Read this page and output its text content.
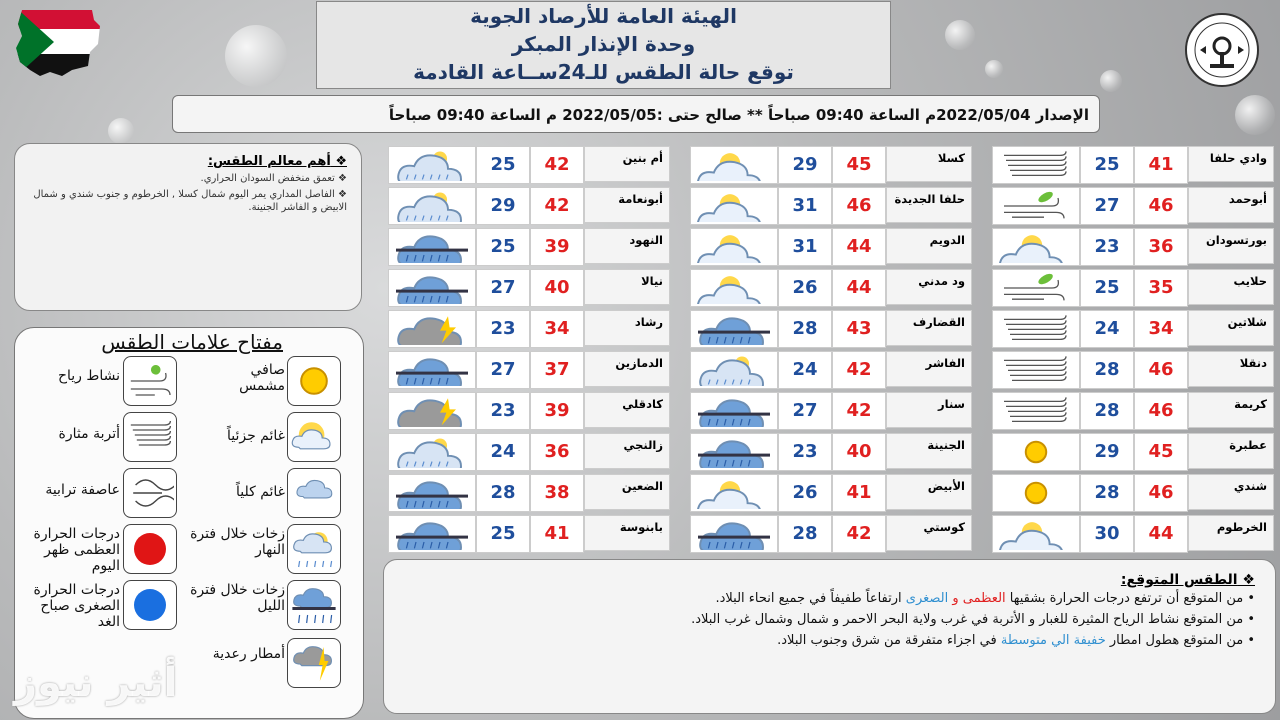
الهيئة العامة للأرصاد الجوية
وحدة الإنذار المبكر
توقع حالة الطقس للـ24ســاعة القادمة
الإصدار 2022/05/04م الساعة 09:40 صباحاً ** صالح حتى :2022/05/05 م الساعة 09:40 صباحاً
❖ أهم معالم الطقس:
❖ تعمق منخفض السودان الحراري.
❖ الفاصل المداري يمر اليوم شمال كسلا , الخرطوم و جنوب شندي و شمال الابيض و الفاشر الجنينة.
مفتاح علامات الطقس
صافي مشمس
نشاط رياح
غائم جزئياً
أتربة مثارة
غائم كلياً
عاصفة ترابية
زخات خلال فترة النهار
درجات الحرارة العظمى ظهر اليوم
زخات خلال فترة الليل
درجات الحرارة الصغرى صباح الغد
أمطار رعدية
25	41	وادي حلفا
27	46	أبوحمد
23	36	بورتسودان
25	35	حلايب
24	34	شلاتين
28	46	دنقلا
28	46	كريمة
29	45	عطبرة
28	46	شندي
30	44	الخرطوم
29	45	كسلا
31	46	حلفا الجديدة
31	44	الدويم
26	44	ود مدني
28	43	القضارف
24	42	الفاشر
27	42	سنار
23	40	الجنينة
26	41	الأبيض
28	42	كوستي
25	42	أم بنين
29	42	أبونعامة
25	39	النهود
27	40	نيالا
23	34	رشاد
27	37	الدمازين
23	39	كادقلي
24	36	زالنجي
28	38	الضعين
25	41	بابنوسة
❖ الطقس المتوقع:
• من المتوقع أن ترتفع درجات الحرارة بشقيها العظمى و الصغرى ارتفاعاً طفيفاً في جميع انحاء البلاد.
• من المتوقع نشاط الرياح المثيرة للغبار و الأتربة في غرب ولاية البحر الاحمر و شمال وشمال غرب البلاد.
• من المتوقع هطول امطار خفيفة الي متوسطة في اجزاء متفرقة من شرق وجنوب البلاد.
أثير نيوز
